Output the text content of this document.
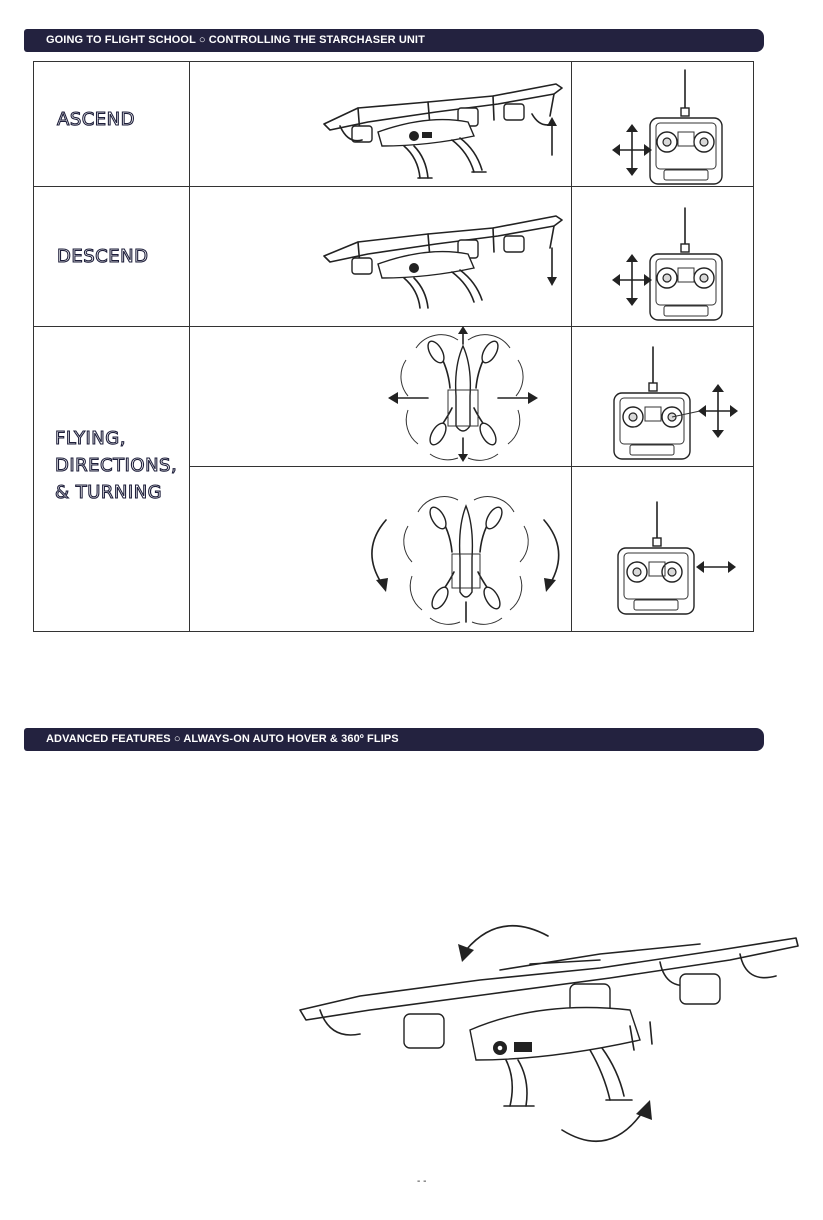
GOING TO FLIGHT SCHOOL ○ CONTROLLING THE STARCHASER UNIT
ASCEND
DESCEND
FLYING,
DIRECTIONS,
& TURNING
ADVANCED FEATURES ○ ALWAYS-ON AUTO HOVER & 360º FLIPS
- -
